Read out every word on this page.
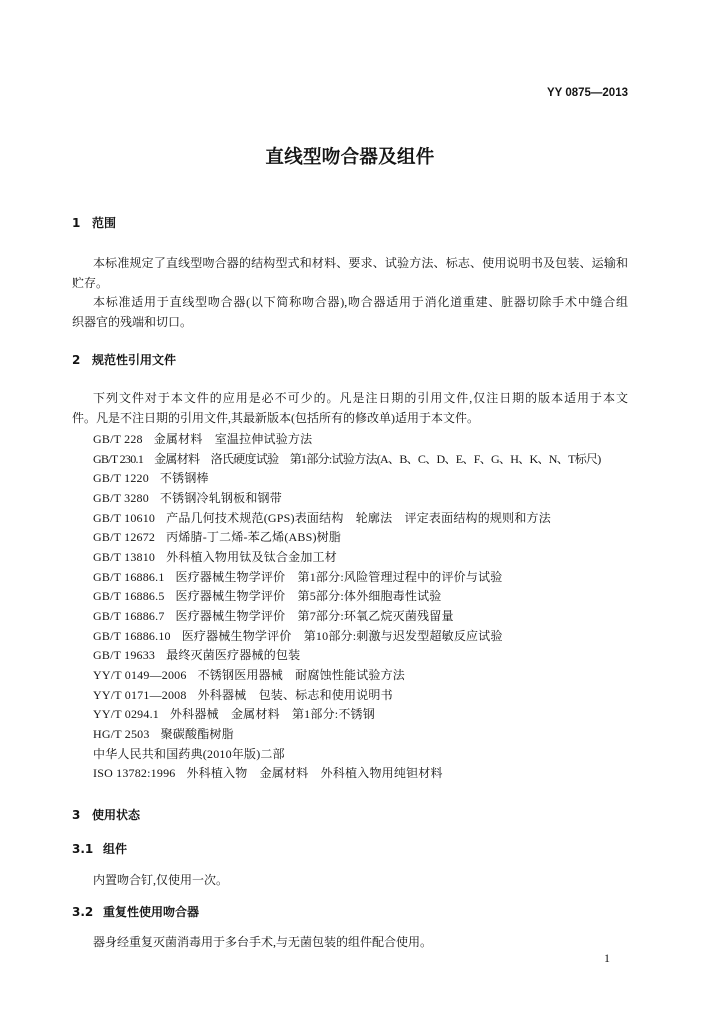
YY 0875—2013
直线型吻合器及组件
1 范围
本标准规定了直线型吻合器的结构型式和材料、要求、试验方法、标志、使用说明书及包装、运输和
贮存。
本标准适用于直线型吻合器(以下简称吻合器),吻合器适用于消化道重建、脏器切除手术中缝合组
织器官的残端和切口。
2 规范性引用文件
下列文件对于本文件的应用是必不可少的。凡是注日期的引用文件,仅注日期的版本适用于本文
件。凡是不注日期的引用文件,其最新版本(包括所有的修改单)适用于本文件。
GB/T 228 金属材料 室温拉伸试验方法
GB/T 230.1 金属材料 洛氏硬度试验 第1部分:试验方法(A、B、C、D、E、F、G、H、K、N、T标尺)
GB/T 1220 不锈钢棒
GB/T 3280 不锈钢冷轧钢板和钢带
GB/T 10610 产品几何技术规范(GPS)表面结构 轮廓法 评定表面结构的规则和方法
GB/T 12672 丙烯腈-丁二烯-苯乙烯(ABS)树脂
GB/T 13810 外科植入物用钛及钛合金加工材
GB/T 16886.1 医疗器械生物学评价 第1部分:风险管理过程中的评价与试验
GB/T 16886.5 医疗器械生物学评价 第5部分:体外细胞毒性试验
GB/T 16886.7 医疗器械生物学评价 第7部分:环氧乙烷灭菌残留量
GB/T 16886.10 医疗器械生物学评价 第10部分:刺激与迟发型超敏反应试验
GB/T 19633 最终灭菌医疗器械的包装
YY/T 0149—2006 不锈钢医用器械 耐腐蚀性能试验方法
YY/T 0171—2008 外科器械 包装、标志和使用说明书
YY/T 0294.1 外科器械 金属材料 第1部分:不锈钢
HG/T 2503 聚碳酸酯树脂
中华人民共和国药典(2010年版)二部
ISO 13782:1996 外科植入物 金属材料 外科植入物用纯钽材料
3 使用状态
3.1 组件
内置吻合钉,仅使用一次。
3.2 重复性使用吻合器
器身经重复灭菌消毒用于多台手术,与无菌包装的组件配合使用。
1
